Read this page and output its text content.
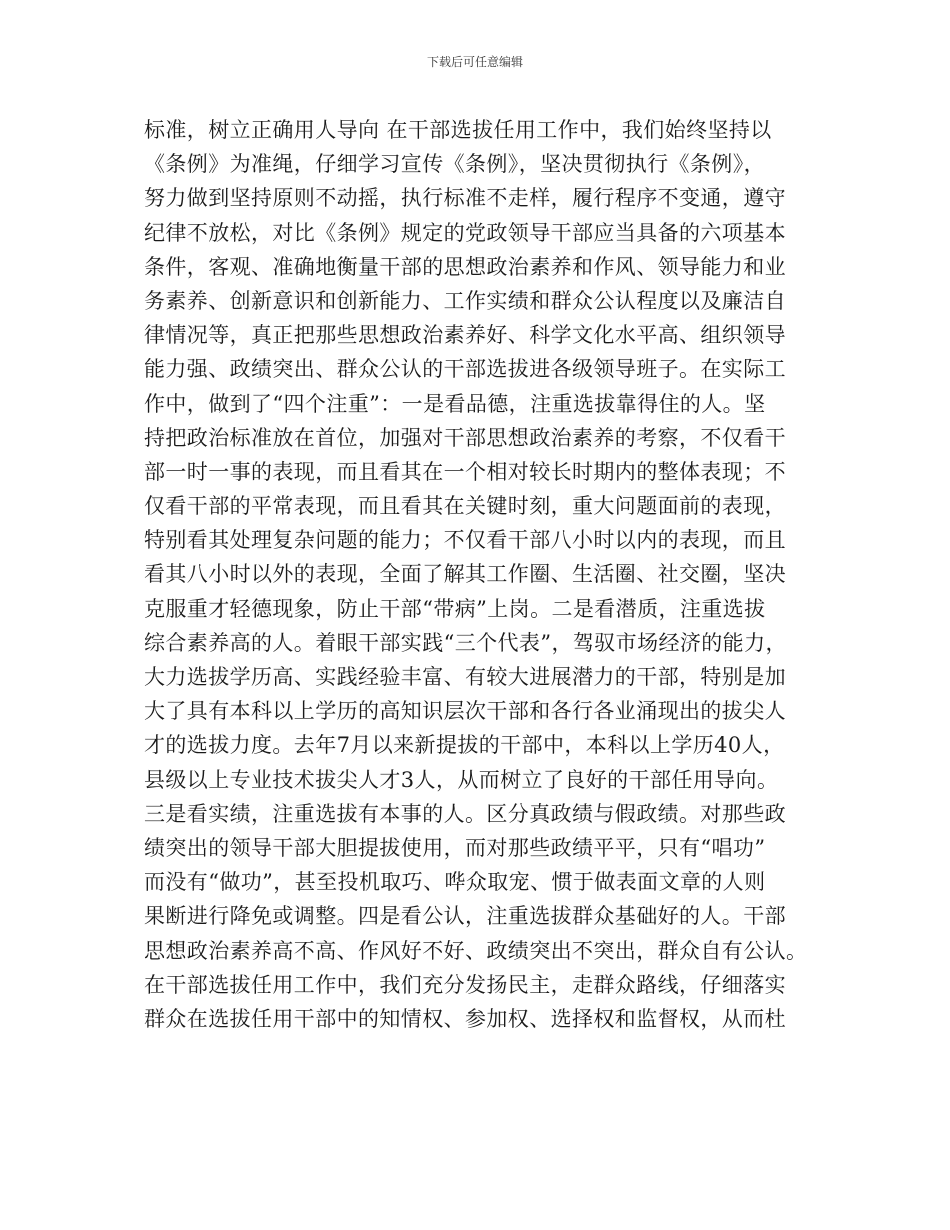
下载后可任意编辑
标准，树立正确用人导向 在干部选拔任用工作中，我们始终坚持以
《条例》为准绳，仔细学习宣传《条例》，坚决贯彻执行《条例》，
努力做到坚持原则不动摇，执行标准不走样，履行程序不变通，遵守
纪律不放松，对比《条例》规定的党政领导干部应当具备的六项基本
条件，客观、准确地衡量干部的思想政治素养和作风、领导能力和业
务素养、创新意识和创新能力、工作实绩和群众公认程度以及廉洁自
律情况等，真正把那些思想政治素养好、科学文化水平高、组织领导
能力强、政绩突出、群众公认的干部选拔进各级领导班子。在实际工
作中，做到了“四个注重”：一是看品德，注重选拔靠得住的人。坚
持把政治标准放在首位，加强对干部思想政治素养的考察，不仅看干
部一时一事的表现，而且看其在一个相对较长时期内的整体表现；不
仅看干部的平常表现，而且看其在关键时刻，重大问题面前的表现，
特别看其处理复杂问题的能力；不仅看干部八小时以内的表现，而且
看其八小时以外的表现，全面了解其工作圈、生活圈、社交圈，坚决
克服重才轻德现象，防止干部“带病”上岗。二是看潜质，注重选拔
综合素养高的人。着眼干部实践“三个代表”，驾驭市场经济的能力，
大力选拔学历高、实践经验丰富、有较大进展潜力的干部，特别是加
大了具有本科以上学历的高知识层次干部和各行各业涌现出的拔尖人
才的选拔力度。去年7月以来新提拔的干部中，本科以上学历40人，
县级以上专业技术拔尖人才3人，从而树立了良好的干部任用导向。
三是看实绩，注重选拔有本事的人。区分真政绩与假政绩。对那些政
绩突出的领导干部大胆提拔使用，而对那些政绩平平，只有“唱功”
而没有“做功”，甚至投机取巧、哗众取宠、惯于做表面文章的人则
果断进行降免或调整。四是看公认，注重选拔群众基础好的人。干部
思想政治素养高不高、作风好不好、政绩突出不突出，群众自有公认。
在干部选拔任用工作中，我们充分发扬民主，走群众路线，仔细落实
群众在选拔任用干部中的知情权、参加权、选择权和监督权，从而杜
